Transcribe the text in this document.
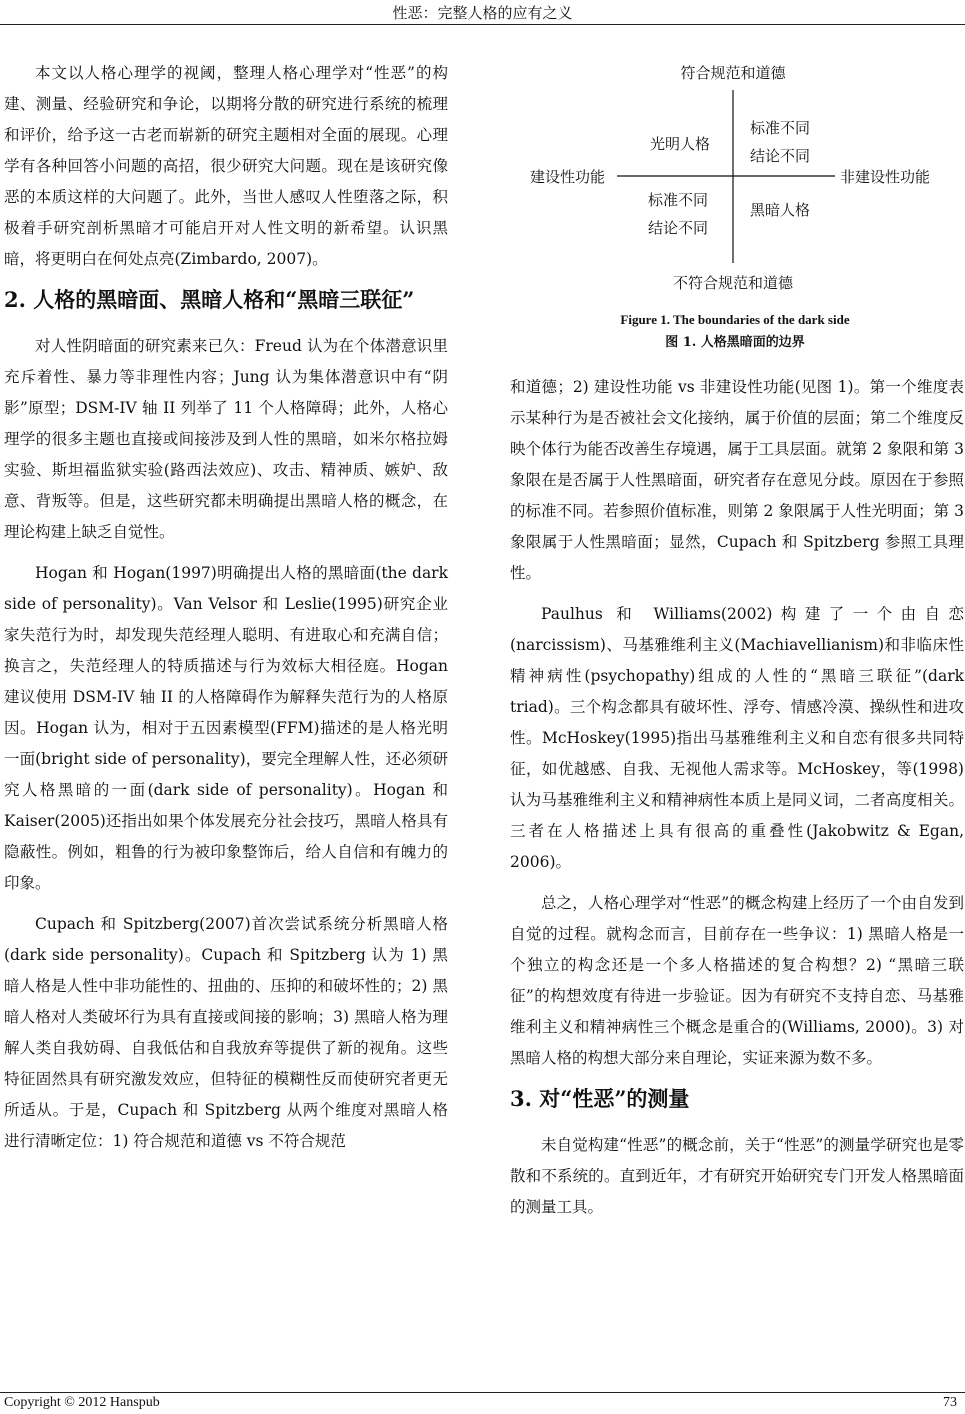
性恶：完整人格的应有之义

本文以人格心理学的视阈，整理人格心理学对“性恶”的构建、测量、经验研究和争论，以期将分散的研究进行系统的梳理和评价，给予这一古老而崭新的研究主题相对全面的展现。心理学有各种回答小问题的高招，很少研究大问题。现在是该研究像恶的本质这样的大问题了。此外，当世人感叹人性堕落之际，积极着手研究剖析黑暗才可能启开对人性文明的新希望。认识黑暗，将更明白在何处点亮(Zimbardo, 2007)。

2. 人格的黑暗面、黑暗人格和“黑暗三联征”

对人性阴暗面的研究素来已久：Freud 认为在个体潜意识里充斥着性、暴力等非理性内容；Jung 认为集体潜意识中有“阴影”原型；DSM-IV 轴 II 列举了 11 个人格障碍；此外，人格心理学的很多主题也直接或间接涉及到人性的黑暗，如米尔格拉姆实验、斯坦福监狱实验(路西法效应)、攻击、精神质、嫉妒、敌意、背叛等。但是，这些研究都未明确提出黑暗人格的概念，在理论构建上缺乏自觉性。

Hogan 和 Hogan(1997)明确提出人格的黑暗面(the dark side of personality)。Van Velsor 和 Leslie(1995)研究企业家失范行为时，却发现失范经理人聪明、有进取心和充满自信；换言之，失范经理人的特质描述与行为效标大相径庭。Hogan 建议使用 DSM-IV 轴 II 的人格障碍作为解释失范行为的人格原因。Hogan 认为，相对于五因素模型(FFM)描述的是人格光明一面(bright side of personality)，要完全理解人性，还必须研究人格黑暗的一面(dark side of personality)。Hogan 和 Kaiser(2005)还指出如果个体发展充分社会技巧，黑暗人格具有隐蔽性。例如，粗鲁的行为被印象整饰后，给人自信和有魄力的印象。

Cupach 和 Spitzberg(2007)首次尝试系统分析黑暗人格(dark side personality)。Cupach 和 Spitzberg 认为 1) 黑暗人格是人性中非功能性的、扭曲的、压抑的和破坏性的；2) 黑暗人格对人类破坏行为具有直接或间接的影响；3) 黑暗人格为理解人类自我妨碍、自我低估和自我放弃等提供了新的视角。这些特征固然具有研究激发效应，但特征的模糊性反而使研究者更无所适从。于是，Cupach 和 Spitzberg 从两个维度对黑暗人格进行清晰定位：1) 符合规范和道德 vs 不符合规范

符合规范和道德
不符合规范和道德
建设性功能	非建设性功能
光明人格
标准不同
结论不同
标准不同
结论不同
黑暗人格
Figure 1. The boundaries of the dark side
图 1. 人格黑暗面的边界

和道德；2) 建设性功能 vs 非建设性功能(见图 1)。第一个维度表示某种行为是否被社会文化接纳，属于价值的层面；第二个维度反映个体行为能否改善生存境遇，属于工具层面。就第 2 象限和第 3 象限在是否属于人性黑暗面，研究者存在意见分歧。原因在于参照的标准不同。若参照价值标准，则第 2 象限属于人性光明面；第 3 象限属于人性黑暗面；显然，Cupach 和 Spitzberg 参照工具理性。

Paulhus 和 Williams(2002)构建了一个由自恋(narcissism)、马基雅维利主义(Machiavellianism)和非临床性精神病性(psychopathy)组成的人性的“黑暗三联征”(dark triad)。三个构念都具有破坏性、浮夸、情感冷漠、操纵性和进攻性。McHoskey(1995)指出马基雅维利主义和自恋有很多共同特征，如优越感、自我、无视他人需求等。McHoskey，等(1998)认为马基雅维利主义和精神病性本质上是同义词，二者高度相关。三者在人格描述上具有很高的重叠性(Jakobwitz & Egan, 2006)。

总之，人格心理学对“性恶”的概念构建上经历了一个由自发到自觉的过程。就构念而言，目前存在一些争议：1) 黑暗人格是一个独立的构念还是一个多人格描述的复合构想？2) “黑暗三联征”的构想效度有待进一步验证。因为有研究不支持自恋、马基雅维利主义和精神病性三个概念是重合的(Williams, 2000)。3) 对黑暗人格的构想大部分来自理论，实证来源为数不多。

3. 对“性恶”的测量

未自觉构建“性恶”的概念前，关于“性恶”的测量学研究也是零散和不系统的。直到近年，才有研究开始研究专门开发人格黑暗面的测量工具。

Copyright © 2012 Hanspub	73
